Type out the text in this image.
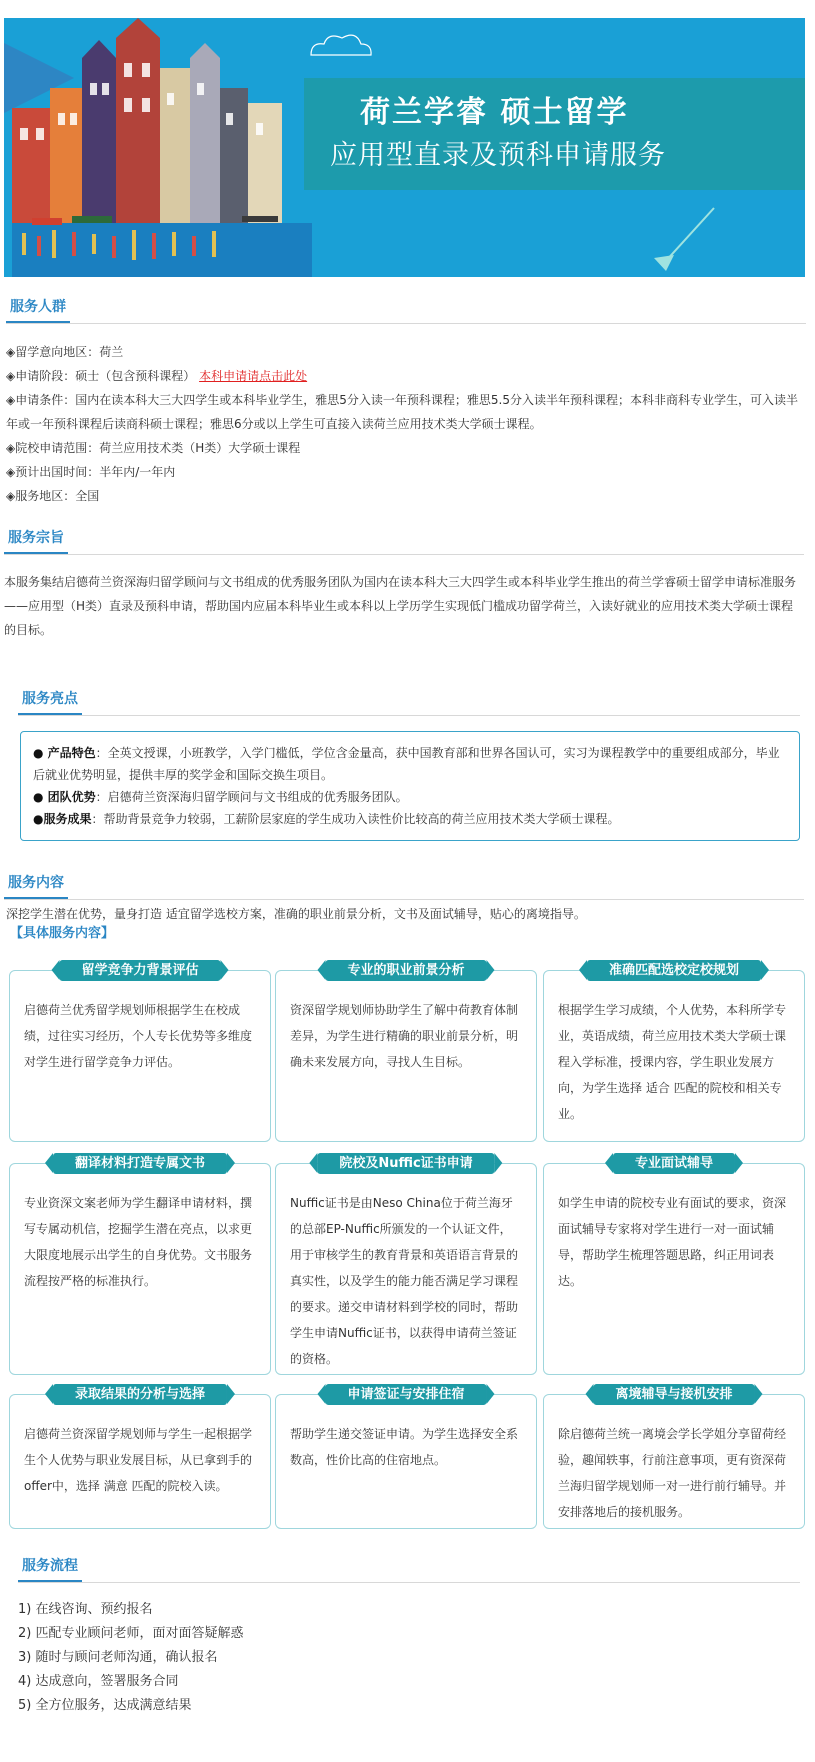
荷兰学睿 硕士留学
应用型直录及预科申请服务
服务人群

◈留学意向地区：荷兰

◈申请阶段：硕士（包含预科课程） 本科申请请点击此处

◈申请条件：国内在读本科大三大四学生或本科毕业学生，雅思5分入读一年预科课程；雅思5.5分入读半年预科课程；本科非商科专业学生，可入读半年或一年预科课程后读商科硕士课程；雅思6分或以上学生可直接入读荷兰应用技术类大学硕士课程。

◈院校申请范围：荷兰应用技术类（H类）大学硕士课程

◈预计出国时间：半年内/一年内

◈服务地区：全国

服务宗旨
本服务集结启德荷兰资深海归留学顾问与文书组成的优秀服务团队为国内在读本科大三大四学生或本科毕业学生推出的荷兰学睿硕士留学申请标准服务——应用型（H类）直录及预科申请，帮助国内应届本科毕业生或本科以上学历学生实现低门槛成功留学荷兰，入读好就业的应用技术类大学硕士课程的目标。
服务亮点

● 产品特色：全英文授课，小班教学，入学门槛低，学位含金量高，获中国教育部和世界各国认可，实习为课程教学中的重要组成部分，毕业后就业优势明显，提供丰厚的奖学金和国际交换生项目。

● 团队优势：启德荷兰资深海归留学顾问与文书组成的优秀服务团队。

●服务成果：帮助背景竞争力较弱，工薪阶层家庭的学生成功入读性价比较高的荷兰应用技术类大学硕士课程。

服务内容
深挖学生潜在优势，量身打造 适宜留学选校方案，准确的职业前景分析，文书及面试辅导，贴心的离境指导。
【具体服务内容】
留学竞争力背景评估
启德荷兰优秀留学规划师根据学生在校成绩，过往实习经历，个人专长优势等多维度对学生进行留学竞争力评估。
专业的职业前景分析
资深留学规划师协助学生了解中荷教育体制差异，为学生进行精确的职业前景分析，明确未来发展方向，寻找人生目标。
准确匹配选校定校规划
根据学生学习成绩，个人优势，本科所学专业，英语成绩，荷兰应用技术类大学硕士课程入学标准，授课内容，学生职业发展方向，为学生选择 适合 匹配的院校和相关专业。
翻译材料打造专属文书
专业资深文案老师为学生翻译申请材料，撰写专属动机信，挖掘学生潜在亮点，以求更大限度地展示出学生的自身优势。文书服务流程按严格的标准执行。
院校及Nuffic证书申请
Nuffic证书是由Neso China位于荷兰海牙的总部EP-Nuffic所颁发的一个认证文件，用于审核学生的教育背景和英语语言背景的真实性，以及学生的能力能否满足学习课程的要求。递交申请材料到学校的同时，帮助学生申请Nuffic证书，以获得申请荷兰签证的资格。
专业面试辅导
如学生申请的院校专业有面试的要求，资深面试辅导专家将对学生进行一对一面试辅导，帮助学生梳理答题思路，纠正用词表达。
录取结果的分析与选择
启德荷兰资深留学规划师与学生一起根据学生个人优势与职业发展目标，从已拿到手的offer中，选择 满意 匹配的院校入读。
申请签证与安排住宿
帮助学生递交签证申请。为学生选择安全系数高，性价比高的住宿地点。
离境辅导与接机安排
除启德荷兰统一离境会学长学姐分享留荷经验，趣闻轶事，行前注意事项，更有资深荷兰海归留学规划师一对一进行前行辅导。并安排落地后的接机服务。
服务流程

1) 在线咨询、预约报名

2) 匹配专业顾问老师，面对面答疑解惑

3) 随时与顾问老师沟通，确认报名

4) 达成意向，签署服务合同

5) 全方位服务，达成满意结果
